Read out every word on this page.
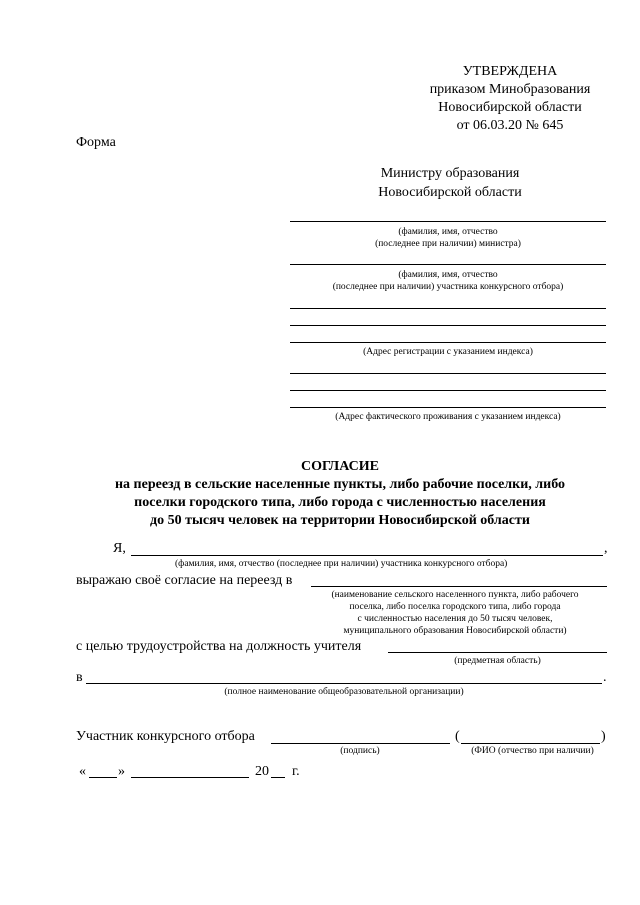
УТВЕРЖДЕНА
приказом Минобразования
Новосибирской области
от 06.03.20 № 645
Форма
Министру образования
Новосибирской области
(фамилия, имя, отчество
(последнее при наличии) министра)
(фамилия, имя, отчество
(последнее при наличии) участника конкурсного отбора)
(Адрес регистрации с указанием индекса)
(Адрес фактического проживания с указанием индекса)
СОГЛАСИЕ
на переезд в сельские населенные пункты, либо рабочие поселки, либо
поселки городского типа, либо города с численностью населения
до 50 тысяч человек на территории Новосибирской области
Я,	,
(фамилия, имя, отчество (последнее при наличии) участника конкурсного отбора)
выражаю своё согласие на переезд в
(наименование сельского населенного пункта, либо рабочего
поселка, либо поселка городского типа, либо города
с численностью населения до 50 тысяч человек,
муниципального образования Новосибирской области)
с целью трудоустройства на должность учителя
(предметная область)
в	.
(полное наименование общеобразовательной организации)
Участник конкурсного отбора	(	)
(подпись)	(ФИО (отчество при наличии)
« »	20 г.
